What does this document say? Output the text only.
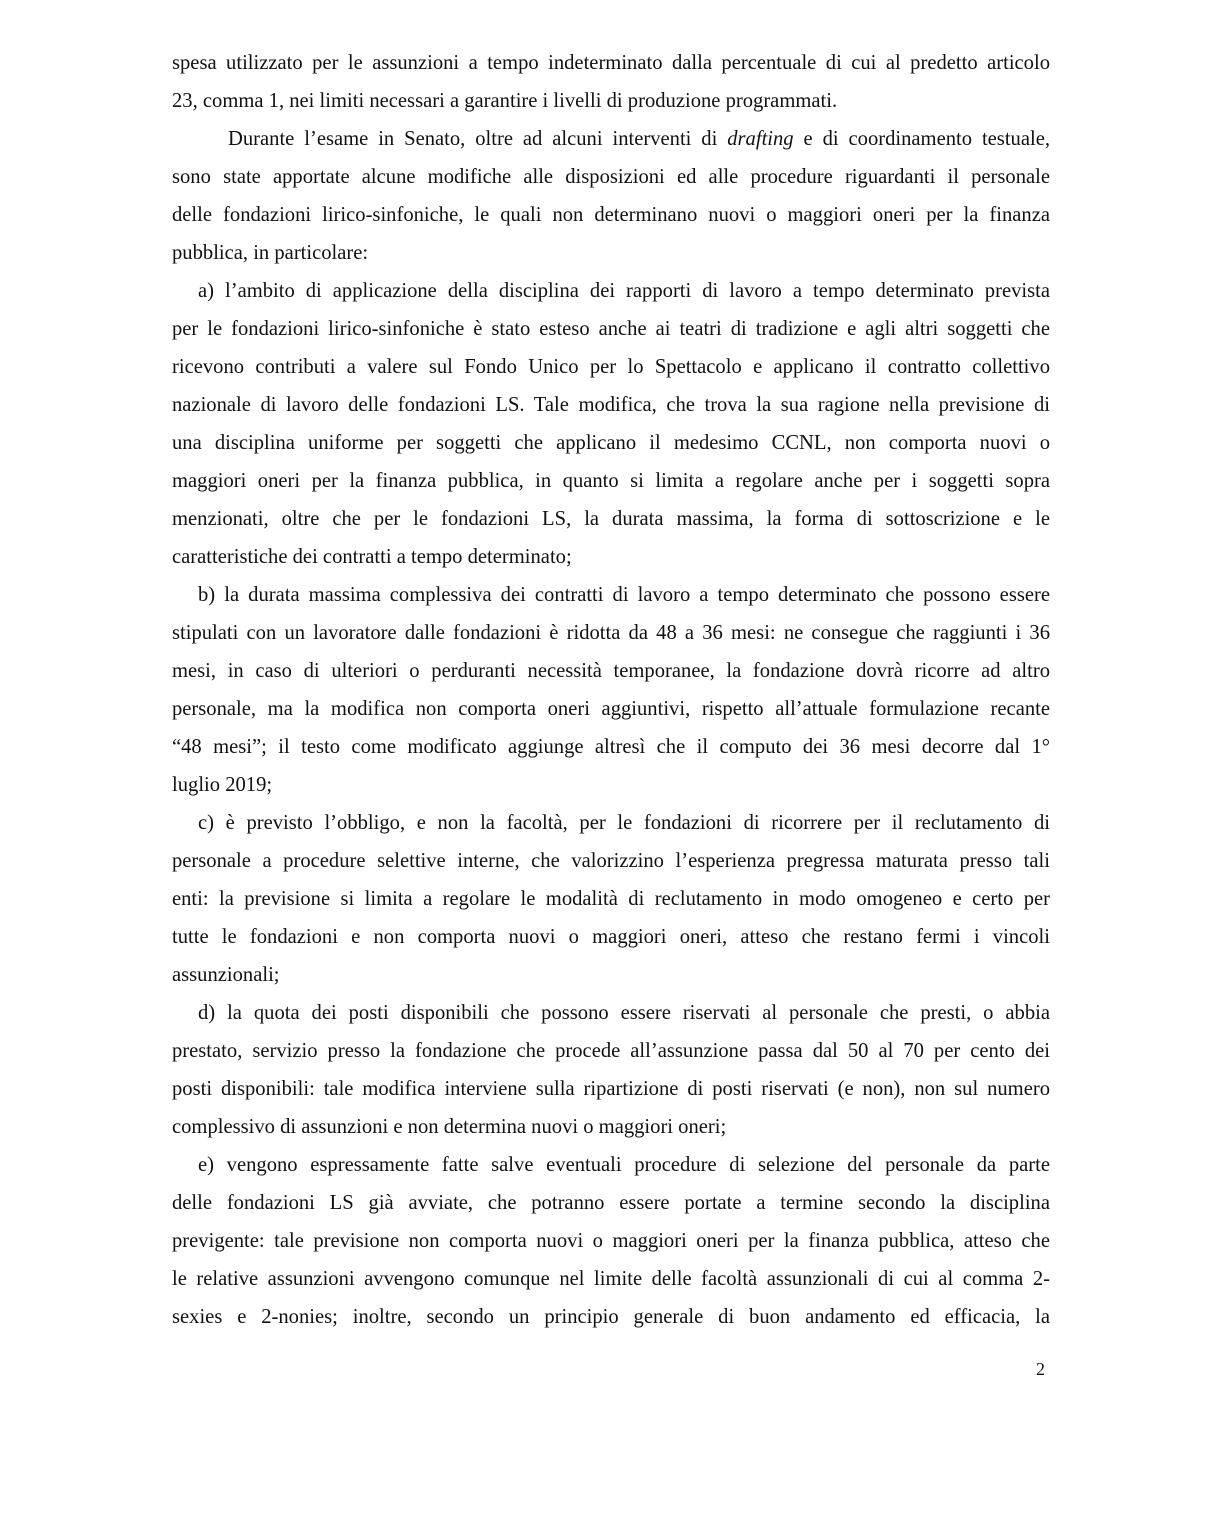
spesa utilizzato per le assunzioni a tempo indeterminato dalla percentuale di cui al predetto articolo
23, comma 1, nei limiti necessari a garantire i livelli di produzione programmati.

Durante l’esame in Senato, oltre ad alcuni interventi di drafting e di coordinamento testuale,
sono state apportate alcune modifiche alle disposizioni ed alle procedure riguardanti il personale
delle fondazioni lirico-sinfoniche, le quali non determinano nuovi o maggiori oneri per la finanza
pubblica, in particolare:

a) l’ambito di applicazione della disciplina dei rapporti di lavoro a tempo determinato prevista
per le fondazioni lirico-sinfoniche è stato esteso anche ai teatri di tradizione e agli altri soggetti che
ricevono contributi a valere sul Fondo Unico per lo Spettacolo e applicano il contratto collettivo
nazionale di lavoro delle fondazioni LS. Tale modifica, che trova la sua ragione nella previsione di
una disciplina uniforme per soggetti che applicano il medesimo CCNL, non comporta nuovi o
maggiori oneri per la finanza pubblica, in quanto si limita a regolare anche per i soggetti sopra
menzionati, oltre che per le fondazioni LS, la durata massima, la forma di sottoscrizione e le
caratteristiche dei contratti a tempo determinato;

b) la durata massima complessiva dei contratti di lavoro a tempo determinato che possono essere
stipulati con un lavoratore dalle fondazioni è ridotta da 48 a 36 mesi: ne consegue che raggiunti i 36
mesi, in caso di ulteriori o perduranti necessità temporanee, la fondazione dovrà ricorre ad altro
personale, ma la modifica non comporta oneri aggiuntivi, rispetto all’attuale formulazione recante
“48 mesi”; il testo come modificato aggiunge altresì che il computo dei 36 mesi decorre dal 1°
luglio 2019;

c) è previsto l’obbligo, e non la facoltà, per le fondazioni di ricorrere per il reclutamento di
personale a procedure selettive interne, che valorizzino l’esperienza pregressa maturata presso tali
enti: la previsione si limita a regolare le modalità di reclutamento in modo omogeneo e certo per
tutte le fondazioni e non comporta nuovi o maggiori oneri, atteso che restano fermi i vincoli
assunzionali;

d) la quota dei posti disponibili che possono essere riservati al personale che presti, o abbia
prestato, servizio presso la fondazione che procede all’assunzione passa dal 50 al 70 per cento dei
posti disponibili: tale modifica interviene sulla ripartizione di posti riservati (e non), non sul numero
complessivo di assunzioni e non determina nuovi o maggiori oneri;

e) vengono espressamente fatte salve eventuali procedure di selezione del personale da parte
delle fondazioni LS già avviate, che potranno essere portate a termine secondo la disciplina
previgente: tale previsione non comporta nuovi o maggiori oneri per la finanza pubblica, atteso che
le relative assunzioni avvengono comunque nel limite delle facoltà assunzionali di cui al comma 2-
sexies e 2-nonies; inoltre, secondo un principio generale di buon andamento ed efficacia, la

2
